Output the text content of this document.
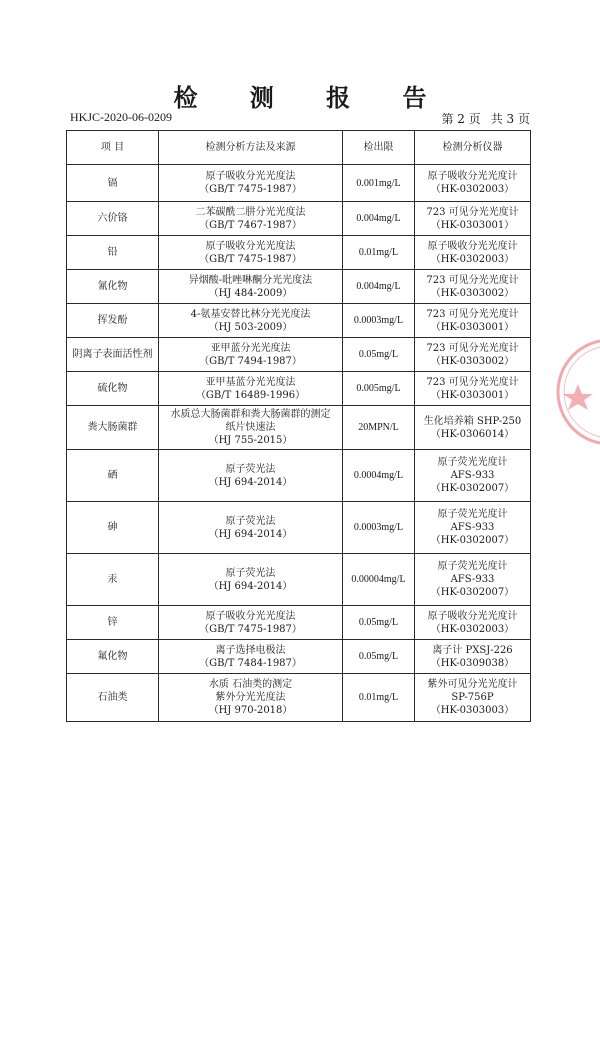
检 测 报 告
HKJC-2020-06-0209	第 2 页 共 3 页
项 目	检测分析方法及来源	检出限	检测分析仪器
镉	原子吸收分光光度法
（GB/T 7475-1987）	0.001mg/L	原子吸收分光光度计
（HK-0302003）

六价铬	二苯碳酰二肼分光光度法
（GB/T 7467-1987）	0.004mg/L	723 可见分光光度计
（HK-0303001）

铅	原子吸收分光光度法
（GB/T 7475-1987）	0.01mg/L	原子吸收分光光度计
（HK-0302003）

氰化物	异烟酸-吡唑啉酮分光光度法
（HJ 484-2009）	0.004mg/L	723 可见分光光度计
（HK-0303002）

挥发酚	4-氨基安替比林分光光度法
（HJ 503-2009）	0.0003mg/L	723 可见分光光度计
（HK-0303001）

阴离子表面活性剂	亚甲蓝分光光度法
（GB/T 7494-1987）	0.05mg/L	723 可见分光光度计
（HK-0303002）

硫化物	亚甲基蓝分光光度法
（GB/T 16489-1996）	0.005mg/L	723 可见分光光度计
（HK-0303001）

粪大肠菌群	水质总大肠菌群和粪大肠菌群的测定
纸片快速法
（HJ 755-2015）	20MPN/L	生化培养箱 SHP-250
（HK-0306014）

硒	原子荧光法
（HJ 694-2014）	0.0004mg/L	原子荧光光度计
AFS-933
（HK-0302007）

砷	原子荧光法
（HJ 694-2014）	0.0003mg/L	原子荧光光度计
AFS-933
（HK-0302007）

汞	原子荧光法
（HJ 694-2014）	0.00004mg/L	原子荧光光度计
AFS-933
（HK-0302007）

锌	原子吸收分光光度法
（GB/T 7475-1987）	0.05mg/L	原子吸收分光光度计
（HK-0302003）

氟化物	离子选择电极法
（GB/T 7484-1987）	0.05mg/L	离子计 PXSJ-226
（HK-0309038）

石油类	水质 石油类的测定
紫外分光光度法
（HJ 970-2018）	0.01mg/L	紫外可见分光光度计
SP-756P
（HK-0303003）
